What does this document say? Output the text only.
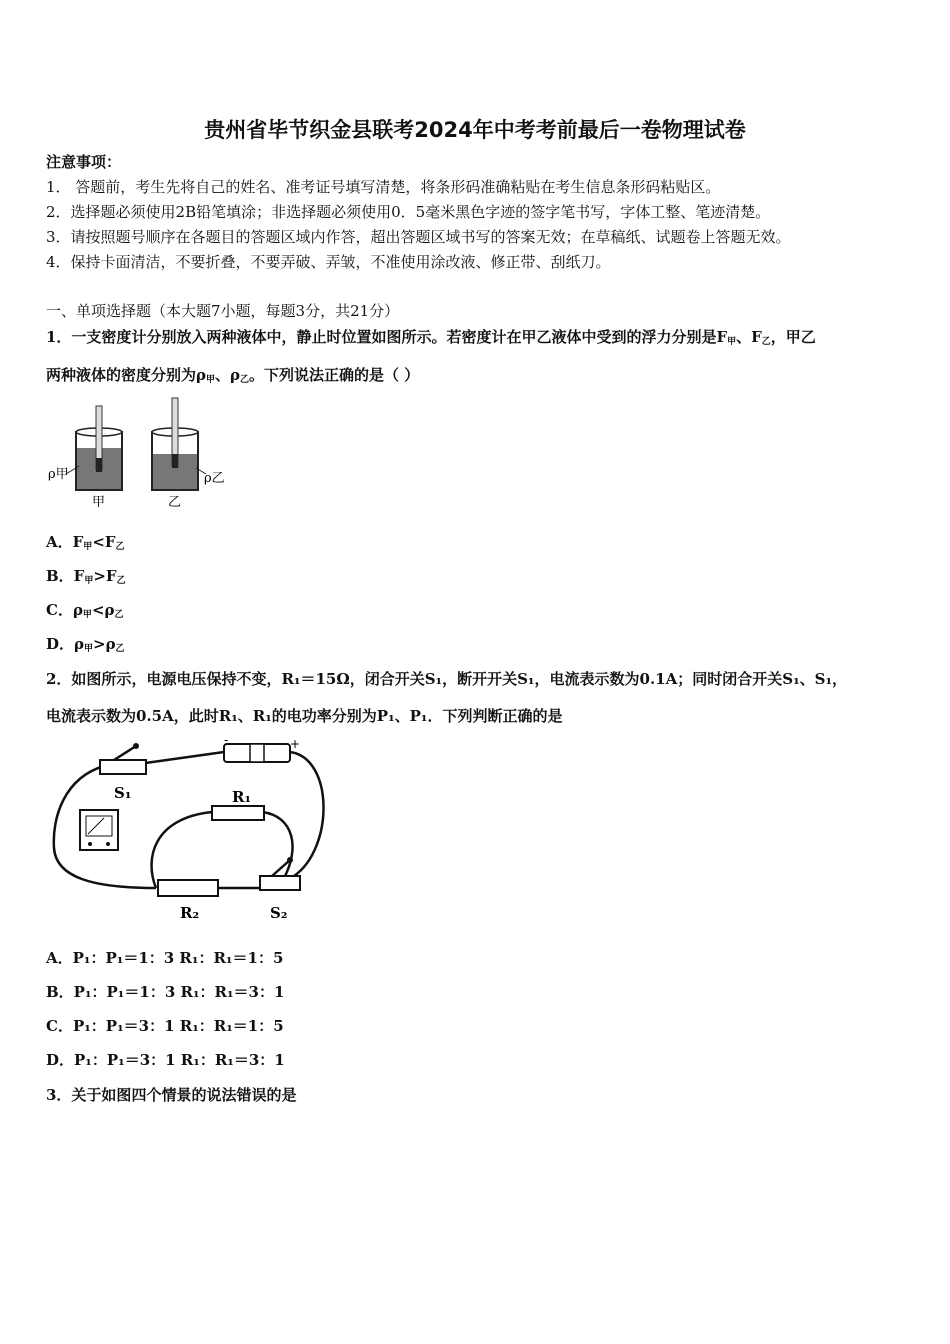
贵州省毕节织金县联考2024年中考考前最后一卷物理试卷
注意事项：
1． 答题前，考生先将自己的姓名、准考证号填写清楚，将条形码准确粘贴在考生信息条形码粘贴区。
2．选择题必须使用2B铅笔填涂；非选择题必须使用0．5毫米黑色字迹的签字笔书写，字体工整、笔迹清楚。
3．请按照题号顺序在各题目的答题区域内作答，超出答题区域书写的答案无效；在草稿纸、试题卷上答题无效。
4．保持卡面清洁，不要折叠，不要弄破、弄皱，不准使用涂改液、修正带、刮纸刀。
一、单项选择题（本大题7小题，每题3分，共21分）
1．一支密度计分别放入两种液体中，静止时位置如图所示。若密度计在甲乙液体中受到的浮力分别是$F_甲$、$F_乙$，甲乙
两种液体的密度分别为$\rho_甲$、$\rho_乙$。下列说法正确的是（ ）
ρ甲	ρ乙
甲	乙
A．$F_甲<F_乙$
B．$F_甲>F_乙$
C．$\rho_甲<\rho_乙$
D．$\rho_甲>\rho_乙$
2．如图所示，电源电压保持不变，R₁＝15Ω，闭合开关S₁，断开开关S₁，电流表示数为0.1A；同时闭合开关S₁、S₁，
电流表示数为0.5A，此时R₁、R₁的电功率分别为P₁、P₁．下列判断正确的是
-	+
S₁	R₁
R₂	S₂
A．P₁：P₁＝1：3 R₁：R₁＝1：5
B．P₁：P₁＝1：3 R₁：R₁＝3：1
C．P₁：P₁＝3：1 R₁：R₁＝1：5
D．P₁：P₁＝3：1 R₁：R₁＝3：1
3．关于如图四个情景的说法错误的是
